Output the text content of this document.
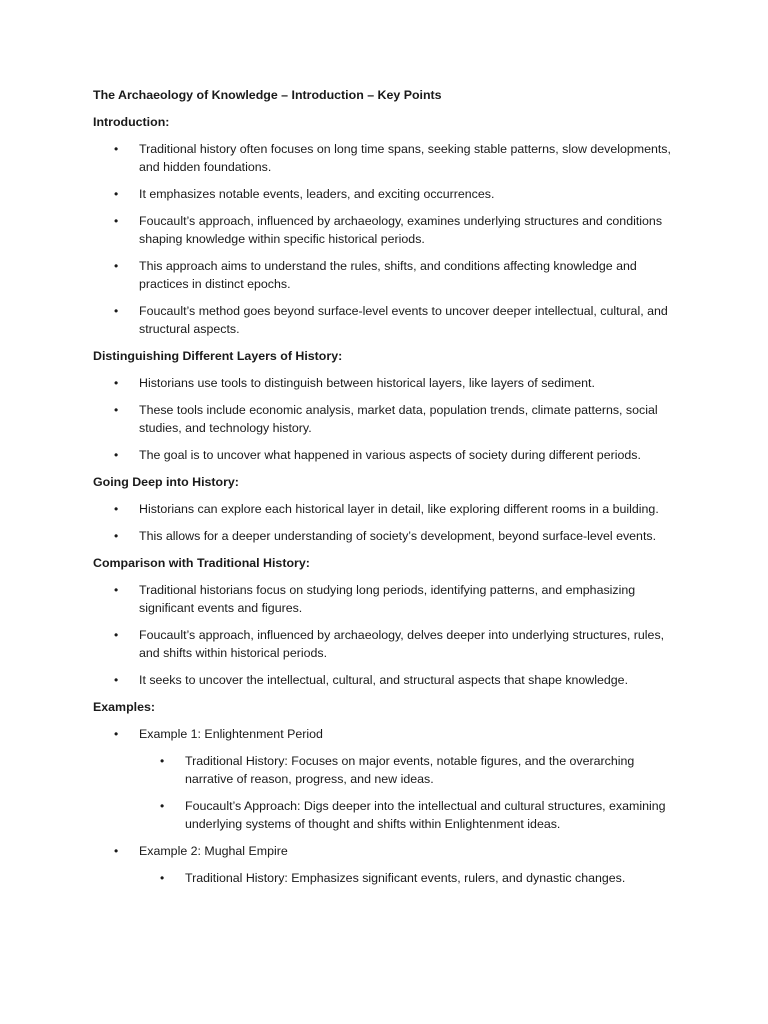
The Archaeology of Knowledge – Introduction – Key Points

Introduction:

• Traditional history often focuses on long time spans, seeking stable patterns, slow developments, and hidden foundations.
• It emphasizes notable events, leaders, and exciting occurrences.
• Foucault’s approach, influenced by archaeology, examines underlying structures and conditions shaping knowledge within specific historical periods.
• This approach aims to understand the rules, shifts, and conditions affecting knowledge and practices in distinct epochs.
• Foucault’s method goes beyond surface-level events to uncover deeper intellectual, cultural, and structural aspects.

Distinguishing Different Layers of History:

• Historians use tools to distinguish between historical layers, like layers of sediment.
• These tools include economic analysis, market data, population trends, climate patterns, social studies, and technology history.
• The goal is to uncover what happened in various aspects of society during different periods.

Going Deep into History:

• Historians can explore each historical layer in detail, like exploring different rooms in a building.
• This allows for a deeper understanding of society’s development, beyond surface-level events.

Comparison with Traditional History:

• Traditional historians focus on studying long periods, identifying patterns, and emphasizing significant events and figures.
• Foucault’s approach, influenced by archaeology, delves deeper into underlying structures, rules, and shifts within historical periods.
• It seeks to uncover the intellectual, cultural, and structural aspects that shape knowledge.

Examples:

• Example 1: Enlightenment Period
• Traditional History: Focuses on major events, notable figures, and the overarching narrative of reason, progress, and new ideas.
• Foucault’s Approach: Digs deeper into the intellectual and cultural structures, examining underlying systems of thought and shifts within Enlightenment ideas.
• Example 2: Mughal Empire
• Traditional History: Emphasizes significant events, rulers, and dynastic changes.
